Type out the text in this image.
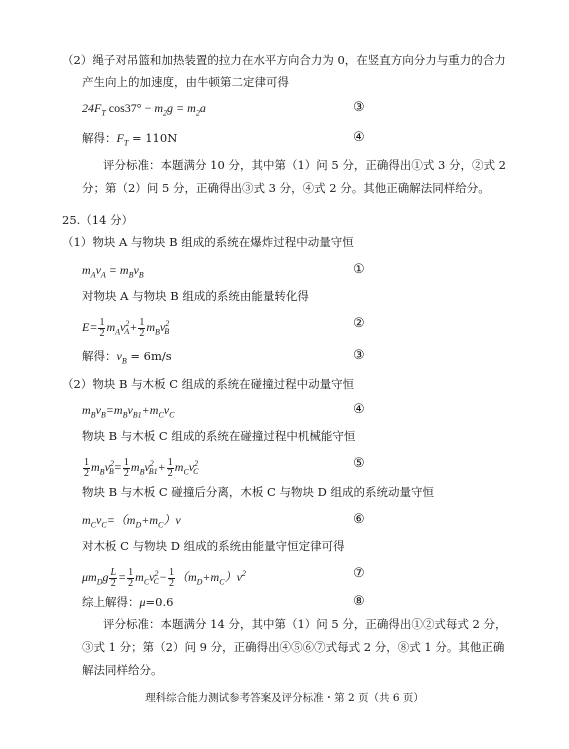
（2）绳子对吊篮和加热装置的拉力在水平方向合力为 0，在竖直方向分力与重力的合力
产生向上的加速度，由牛顿第二定律可得
$24F_T$ $\cos 37^\circ - m_2g = m_2a$	③
解得：$F_T = 110N$	④
评分标准：本题满分 10 分，其中第（1）问 5 分，正确得出①式 3 分，②式 2
分；第（2）问 5 分，正确得出③式 3 分，④式 2 分。其他正确解法同样给分。
25.（14 分）
（1）物块 A 与物块 B 组成的系统在爆炸过程中动量守恒
$m_Av_A = m_Bv_B$	①
对物块 A 与物块 B 组成的系统由能量转化得
$E= \frac{1}{2} m_Av^2_A+ \frac{1}{2} m_Bv^2_B$
②
解得：$v_B = 6m/s$	③
（2）物块 B 与木板 C 组成的系统在碰撞过程中动量守恒
$m_Bv_B=m_Bv_{B1}+m_Cv_C$	④
物块 B 与木板 C 组成的系统在碰撞过程中机械能守恒
$\frac{1}{2} m_Bv^2_B= \frac{1}{2} m_Bv^2_{B1}+ \frac{1}{2} m_Cv^2_C$
⑤
物块 B 与木板 C 碰撞后分离，木板 C 与物块 D 组成的系统动量守恒
$m_Cv_C=(m_D+m_C)v$	⑥
对木板 C 与物块 D 组成的系统由能量守恒定律可得
$\mu m_Dg \frac{L}{2} = \frac{1}{2} m_Cv^2_C- \frac{1}{2} (m_D+m_C)v^2$	⑦
综上解得：μ=0.6	⑧
评分标准：本题满分 14 分，其中第（1）问 5 分，正确得出①②式每式 2 分，
③式 1 分；第（2）问 9 分，正确得出④⑤⑥⑦式每式 2 分，⑧式 1 分。其他正确
解法同样给分。
理科综合能力测试参考答案及评分标准・第 2 页（共 6 页）
